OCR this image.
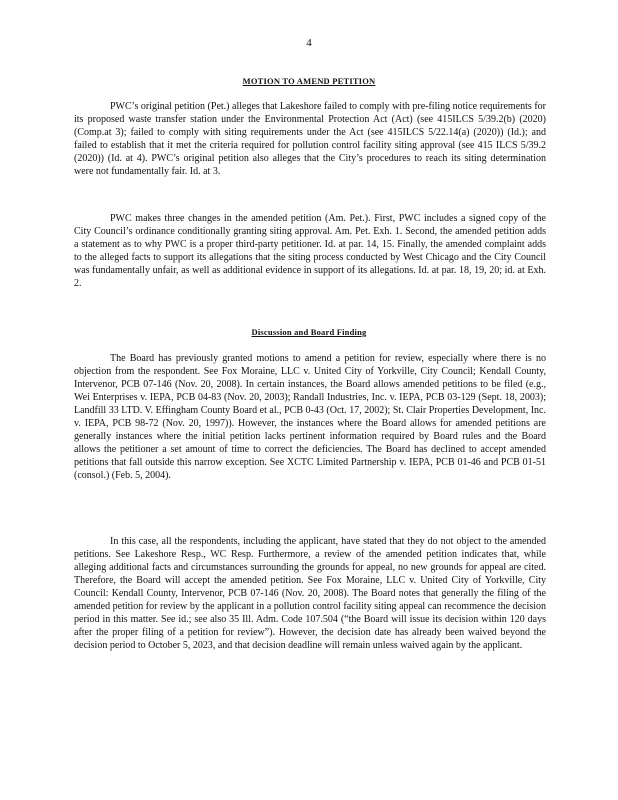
4
MOTION TO AMEND PETITION

PWC’s original petition (Pet.) alleges that Lakeshore failed to comply with pre-filing notice requirements for its proposed waste transfer station under the Environmental Protection Act (Act) (see 415ILCS 5/39.2(b) (2020) (Comp.at 3); failed to comply with siting requirements under the Act (see 415ILCS 5/22.14(a) (2020)) (Id.); and failed to establish that it met the criteria required for pollution control facility siting approval (see 415 ILCS 5/39.2 (2020)) (Id. at 4). PWC’s original petition also alleges that the City’s procedures to reach its siting determination were not fundamentally fair. Id. at 3.

PWC makes three changes in the amended petition (Am. Pet.). First, PWC includes a signed copy of the City Council’s ordinance conditionally granting siting approval. Am. Pet. Exh. 1. Second, the amended petition adds a statement as to why PWC is a proper third-party petitioner. Id. at par. 14, 15. Finally, the amended complaint adds to the alleged facts to support its allegations that the siting process conducted by West Chicago and the City Council was fundamentally unfair, as well as additional evidence in support of its allegations. Id. at par. 18, 19, 20; id. at Exh. 2.

Discussion and Board Finding

The Board has previously granted motions to amend a petition for review, especially where there is no objection from the respondent. See Fox Moraine, LLC v. United City of Yorkville, City Council; Kendall County, Intervenor, PCB 07-146 (Nov. 20, 2008). In certain instances, the Board allows amended petitions to be filed (e.g., Wei Enterprises v. IEPA, PCB 04-83 (Nov. 20, 2003); Randall Industries, Inc. v. IEPA, PCB 03-129 (Sept. 18, 2003); Landfill 33 LTD. V. Effingham County Board et al., PCB 0-43 (Oct. 17, 2002); St. Clair Properties Development, Inc. v. IEPA, PCB 98-72 (Nov. 20, 1997)). However, the instances where the Board allows for amended petitions are generally instances where the initial petition lacks pertinent information required by Board rules and the Board allows the petitioner a set amount of time to correct the deficiencies. The Board has declined to accept amended petitions that fall outside this narrow exception. See XCTC Limited Partnership v. IEPA, PCB 01-46 and PCB 01-51 (consol.) (Feb. 5, 2004).

In this case, all the respondents, including the applicant, have stated that they do not object to the amended petitions. See Lakeshore Resp., WC Resp. Furthermore, a review of the amended petition indicates that, while alleging additional facts and circumstances surrounding the grounds for appeal, no new grounds for appeal are cited. Therefore, the Board will accept the amended petition. See Fox Moraine, LLC v. United City of Yorkville, City Council: Kendall County, Intervenor, PCB 07-146 (Nov. 20, 2008). The Board notes that generally the filing of the amended petition for review by the applicant in a pollution control facility siting appeal can recommence the decision period in this matter. See id.; see also 35 Ill. Adm. Code 107.504 (“the Board will issue its decision within 120 days after the proper filing of a petition for review”). However, the decision date has already been waived beyond the decision period to October 5, 2023, and that decision deadline will remain unless waived again by the applicant.
